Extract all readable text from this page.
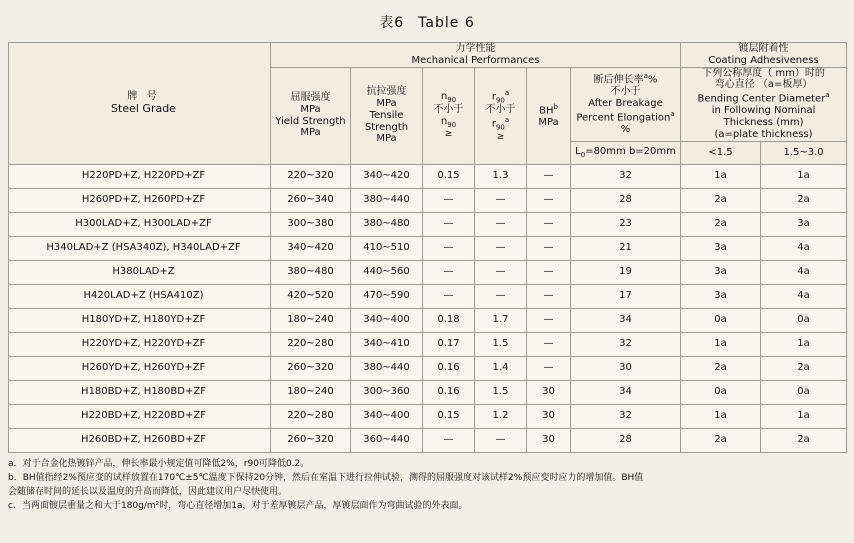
表6 Table 6
牌 号
Steel Grade

力学性能
Mechanical Performances

镀层附着性
Coating Adhesiveness

屈服强度
MPa
Yield Strength
MPa

抗拉强度
MPa
Tensile
Strength
MPa

$n_{90}$
不小于
$n_{90}$
≥

$r_{90}^a$
不小于
$r_{90}^a$
≥

$BH^b$
MPa

断后伸长率$^a$%
不小于
After Breakage
Percent Elongation$^a$
%

下列公称厚度（ mm）时的
弯心直径 （a=板厚）
Bending Center Diameter$^a$
in Following Nominal
Thickness (mm)
(a=plate thickness)

						$L_0=80mm$ b=20mm	<1.5	1.5~3.0
H220PD+Z, H220PD+ZF	220~320	340~420	0.15	1.3	—	32	1a	1a
H260PD+Z, H260PD+ZF	260~340	380~440	—	—	—	28	2a	2a
H300LAD+Z, H300LAD+ZF	300~380	380~480	—	—	—	23	2a	3a
H340LAD+Z (HSA340Z), H340LAD+ZF	340~420	410~510	—	—	—	21	3a	4a
H380LAD+Z	380~480	440~560	—	—	—	19	3a	4a
H420LAD+Z (HSA410Z)	420~520	470~590	—	—	—	17	3a	4a
H180YD+Z, H180YD+ZF	180~240	340~400	0.18	1.7	—	34	0a	0a
H220YD+Z, H220YD+ZF	220~280	340~410	0.17	1.5	—	32	1a	1a
H260YD+Z, H260YD+ZF	260~320	380~440	0.16	1.4	—	30	2a	2a
H180BD+Z, H180BD+ZF	180~240	300~360	0.16	1.5	30	34	0a	0a
H220BD+Z, H220BD+ZF	220~280	340~400	0.15	1.2	30	32	1a	1a
H260BD+Z, H260BD+ZF	260~320	360~440	—	—	30	28	2a	2a
a．对于合金化热镀锌产品，伸长率最小规定值可降低2%，r90可降低0.2。
b．BH值指经2%预应变的试样放置在170℃±5℃温度下保持20分钟，然后在室温下进行拉伸试验，测得的屈服强度对该试样2%预应变时应力的增加值。BH值
会随储存时间的延长以及温度的升高而降低，因此建议用户尽快使用。
c．当两面镀层重量之和大于180g/m²时，弯心直径增加1a，对于差厚镀层产品，厚镀层面作为弯曲试验的外表面。
